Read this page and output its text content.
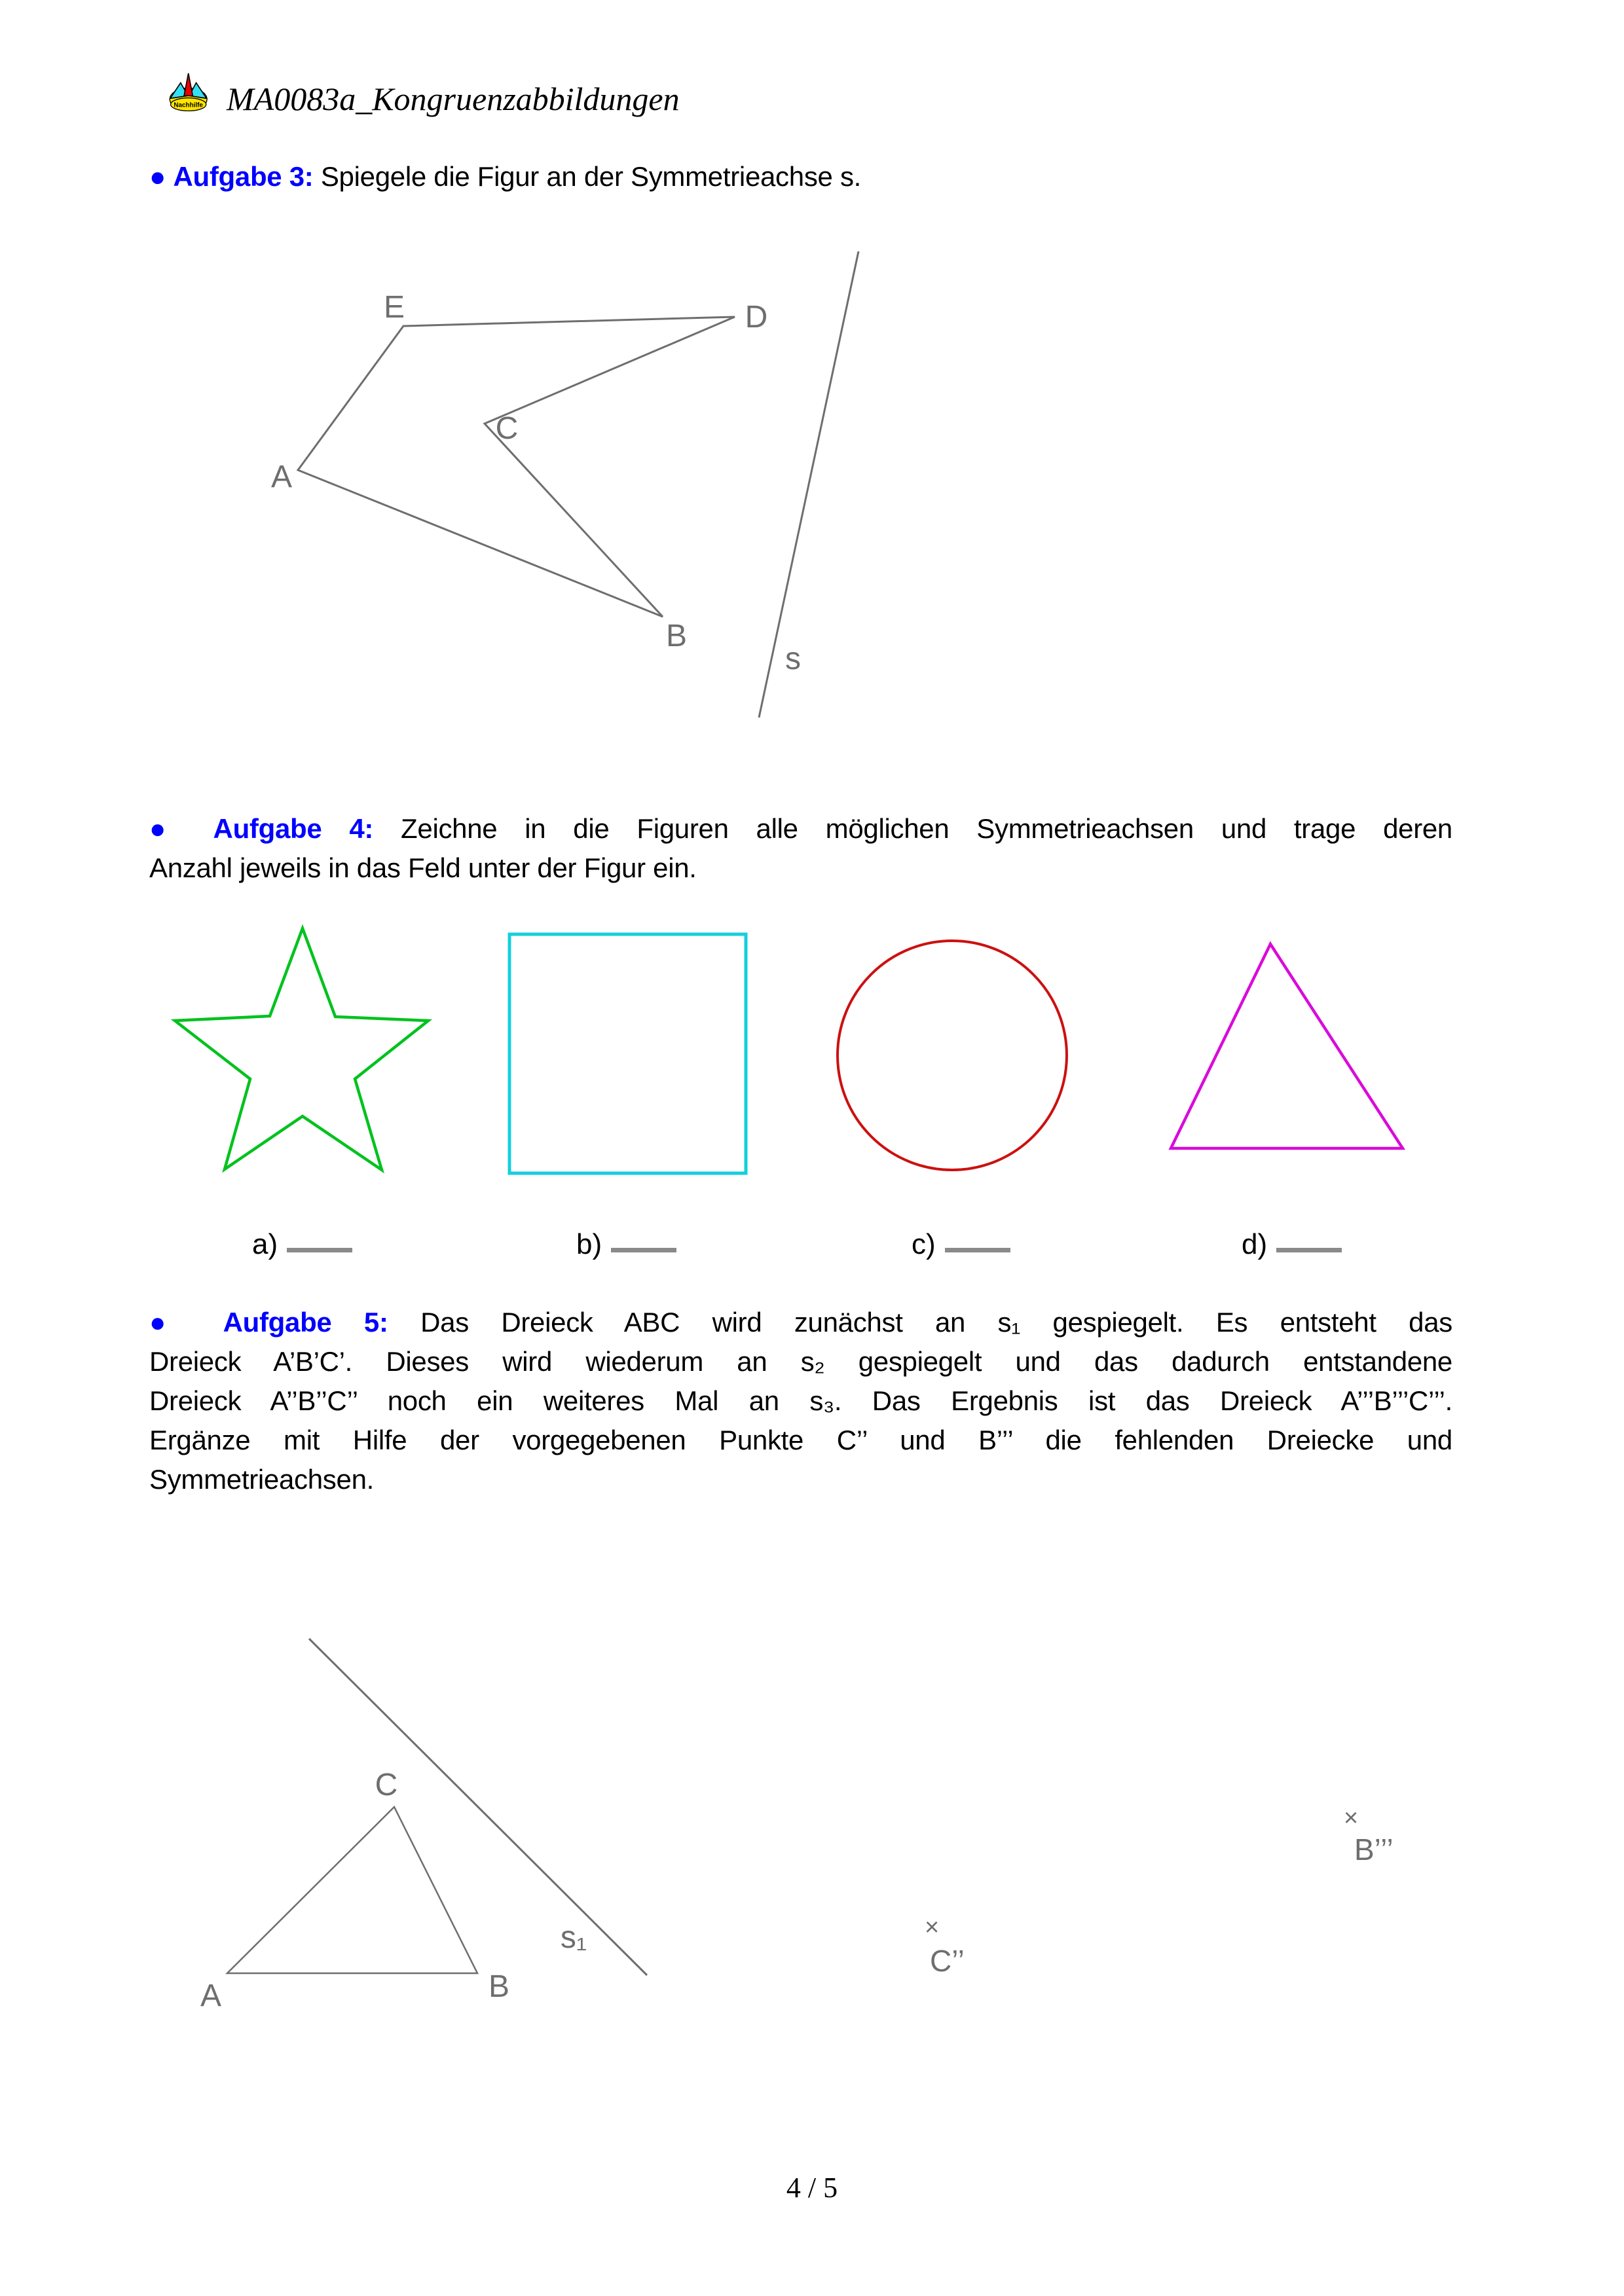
Nachhilfe MA0083a_Kongruenzabbildungen
● Aufgabe 3: Spiegele die Figur an der Symmetrieachse s.
E	D
C
A
B
s
● Aufgabe 4: Zeichne in die Figuren alle möglichen Symmetrieachsen und trage deren
Anzahl jeweils in das Feld unter der Figur ein.
a)	b)	c)	d)
● Aufgabe 5: Das Dreieck ABC wird zunächst an s₁ gespiegelt. Es entsteht das
Dreieck A’B’C’. Dieses wird wiederum an s₂ gespiegelt und das dadurch entstandene
Dreieck A’’B’’C’’ noch ein weiteres Mal an s₃. Das Ergebnis ist das Dreieck A’’’B’’’C’’’.
Ergänze mit Hilfe der vorgegebenen Punkte C’’ und B’’’ die fehlenden Dreiecke und
Symmetrieachsen.
C
A	B
s₁	×
C’’
×
B’’’
4 / 5
